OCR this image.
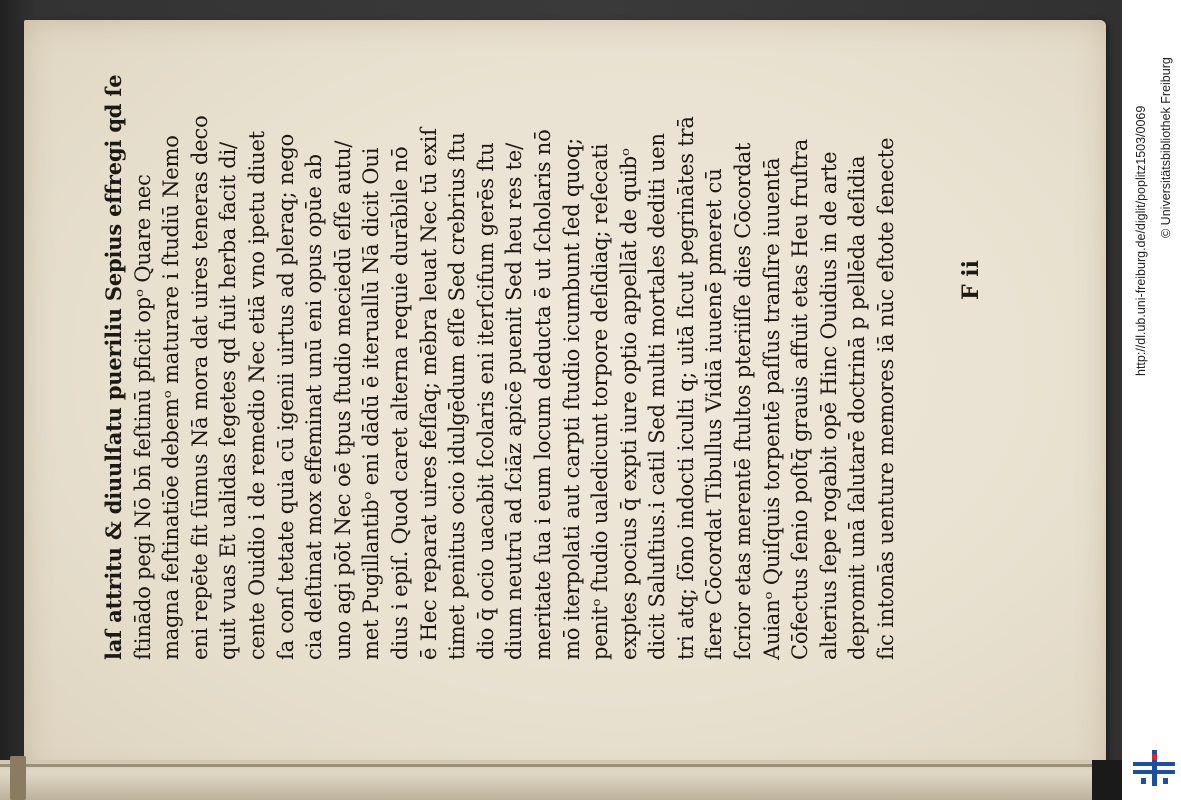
laſ attritu & diuulſatu pueriliu Sepius effregi qd ſe ſtinādo pegi Nō bn̄ feſtinū pficit opᵒ Quare nec magna feſtinatiōe debemᵒ maturare i ſtudiū Nemo eni repēte fit ſūmus Nā mora dat uires teneras deco quit vuas Et ualidas ſegetes qd fuit herba facit di/ cente Ouidio i de remedio Nec etiā vno ipetu diuet ſa conſ tetate quia cū igenii uirtus ad pleraq; nego cia deſtinat mox effeminat unū eni opus opūe ab uno agi pōt Nec oē tpus ſtudio meciedū eſſe autu/ met Pugillantibᵒ eni dādū ē iteruallū Nā dicit Oui dius i epiſ. Quod caret alterna requie durābile nō ē Hec reparat uires feſſaq; mēbra leuat Nec tū exiſ timet penitus ocio idulgēdum eſſe Sed crebrius ſtu dio q̄ ocio uacabit ſcolaris eni iterſcifum gerēs ſtu dium neutrū ad ſciāz apicē puenit Sed heu res te/ meritate ſua i eum locum deducta ē ut ſcholaris nō mō iterpolati aut carpti ſtudio icumbunt ſed quoq; penitᵒ ſtudio ualedicunt torpore deſidiaq; reſecati exptes pocius q̄ expti iure optio appellāt de quibᵒ dicit Saluſtius.i catil Sed multi mortales dediti uen tri atq; ſōno indocti iculti q; uitā ſicut pegrinātes trā ſiere Cōcordat Tibullus Vidiā iuuenē pmeret cū ſcrior etas merentē ſtultos pteriiſſe dies Cōcordat Auianᵒ Quiſquis torpentē paſſus tranſire iuuentā Cōfectus ſenio poſtq̄ grauis affuit etas Heu fruſtra alterius ſepe rogabit opē Hinc Ouidius in de arte depromit unā ſalutarē doctrinā p pellēda deſidia ſic intonās uenture memores iā nūc eſtote ſenecte	F ii	http://dl.ub.uni-freiburg.de/diglit/poplitz1503/0069 © Universitätsbibliothek Freiburg
